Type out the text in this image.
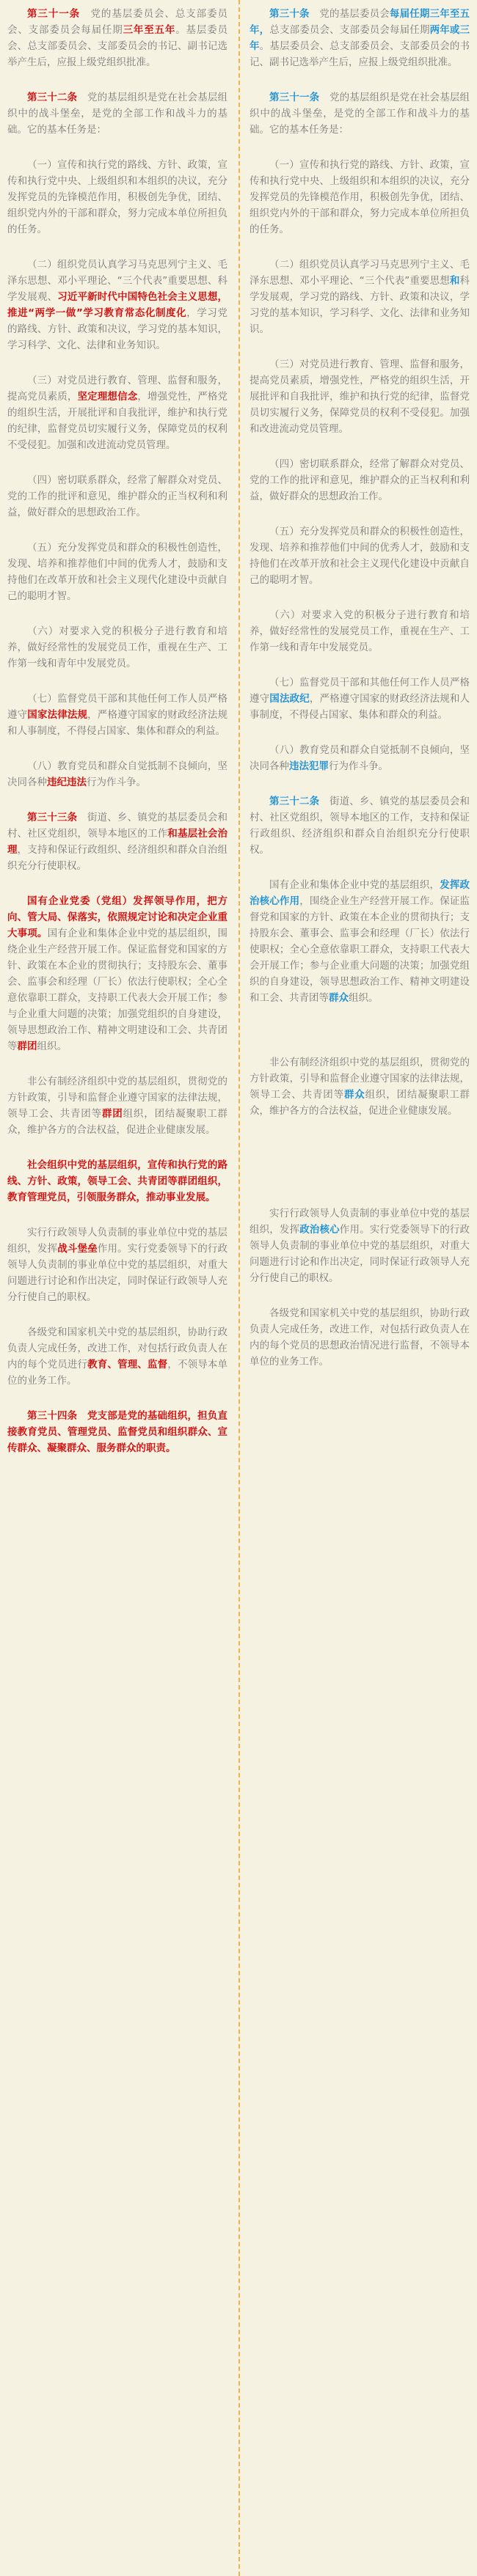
第三十一条　党的基层委员会、总支部委员会、支部委员会每届任期三年至五年。基层委员会、总支部委员会、支部委员会的书记、副书记选举产生后，应报上级党组织批准。

第三十二条　党的基层组织是党在社会基层组织中的战斗堡垒，是党的全部工作和战斗力的基础。它的基本任务是：

（一）宣传和执行党的路线、方针、政策，宣传和执行党中央、上级组织和本组织的决议，充分发挥党员的先锋模范作用，积极创先争优，团结、组织党内外的干部和群众，努力完成本单位所担负的任务。

（二）组织党员认真学习马克思列宁主义、毛泽东思想、邓小平理论、“三个代表”重要思想、科学发展观、习近平新时代中国特色社会主义思想，推进“两学一做”学习教育常态化制度化，学习党的路线、方针、政策和决议，学习党的基本知识，学习科学、文化、法律和业务知识。

（三）对党员进行教育、管理、监督和服务，提高党员素质，坚定理想信念，增强党性，严格党的组织生活，开展批评和自我批评，维护和执行党的纪律，监督党员切实履行义务，保障党员的权利不受侵犯。加强和改进流动党员管理。

（四）密切联系群众，经常了解群众对党员、党的工作的批评和意见，维护群众的正当权利和利益，做好群众的思想政治工作。

（五）充分发挥党员和群众的积极性创造性，发现、培养和推荐他们中间的优秀人才，鼓励和支持他们在改革开放和社会主义现代化建设中贡献自己的聪明才智。

（六）对要求入党的积极分子进行教育和培养，做好经常性的发展党员工作，重视在生产、工作第一线和青年中发展党员。

（七）监督党员干部和其他任何工作人员严格遵守国家法律法规，严格遵守国家的财政经济法规和人事制度，不得侵占国家、集体和群众的利益。

（八）教育党员和群众自觉抵制不良倾向，坚决同各种违纪违法行为作斗争。

第三十三条　街道、乡、镇党的基层委员会和村、社区党组织，领导本地区的工作和基层社会治理，支持和保证行政组织、经济组织和群众自治组织充分行使职权。

国有企业党委（党组）发挥领导作用，把方向、管大局、保落实，依照规定讨论和决定企业重大事项。国有企业和集体企业中党的基层组织，围绕企业生产经营开展工作。保证监督党和国家的方针、政策在本企业的贯彻执行；支持股东会、董事会、监事会和经理（厂长）依法行使职权；全心全意依靠职工群众，支持职工代表大会开展工作；参与企业重大问题的决策；加强党组织的自身建设，领导思想政治工作、精神文明建设和工会、共青团等群团组织。

非公有制经济组织中党的基层组织，贯彻党的方针政策，引导和监督企业遵守国家的法律法规，领导工会、共青团等群团组织，团结凝聚职工群众，维护各方的合法权益，促进企业健康发展。

社会组织中党的基层组织，宣传和执行党的路线、方针、政策，领导工会、共青团等群团组织，教育管理党员，引领服务群众，推动事业发展。

实行行政领导人负责制的事业单位中党的基层组织，发挥战斗堡垒作用。实行党委领导下的行政领导人负责制的事业单位中党的基层组织，对重大问题进行讨论和作出决定，同时保证行政领导人充分行使自己的职权。

各级党和国家机关中党的基层组织，协助行政负责人完成任务，改进工作，对包括行政负责人在内的每个党员进行教育、管理、监督，不领导本单位的业务工作。

第三十四条　党支部是党的基础组织，担负直接教育党员、管理党员、监督党员和组织群众、宣传群众、凝聚群众、服务群众的职责。

第三十条　党的基层委员会每届任期三年至五年，总支部委员会、支部委员会每届任期两年或三年。基层委员会、总支部委员会、支部委员会的书记、副书记选举产生后，应报上级党组织批准。

第三十一条　党的基层组织是党在社会基层组织中的战斗堡垒，是党的全部工作和战斗力的基础。它的基本任务是：

（一）宣传和执行党的路线、方针、政策，宣传和执行党中央、上级组织和本组织的决议，充分发挥党员的先锋模范作用，积极创先争优，团结、组织党内外的干部和群众，努力完成本单位所担负的任务。

（二）组织党员认真学习马克思列宁主义、毛泽东思想、邓小平理论、“三个代表”重要思想和科学发展观，学习党的路线、方针、政策和决议，学习党的基本知识，学习科学、文化、法律和业务知识。

（三）对党员进行教育、管理、监督和服务，提高党员素质，增强党性，严格党的组织生活，开展批评和自我批评，维护和执行党的纪律，监督党员切实履行义务，保障党员的权利不受侵犯。加强和改进流动党员管理。

（四）密切联系群众，经常了解群众对党员、党的工作的批评和意见，维护群众的正当权利和利益，做好群众的思想政治工作。

（五）充分发挥党员和群众的积极性创造性，发现、培养和推荐他们中间的优秀人才，鼓励和支持他们在改革开放和社会主义现代化建设中贡献自己的聪明才智。

（六）对要求入党的积极分子进行教育和培养，做好经常性的发展党员工作，重视在生产、工作第一线和青年中发展党员。

（七）监督党员干部和其他任何工作人员严格遵守国法政纪，严格遵守国家的财政经济法规和人事制度，不得侵占国家、集体和群众的利益。

（八）教育党员和群众自觉抵制不良倾向，坚决同各种违法犯罪行为作斗争。

第三十二条　街道、乡、镇党的基层委员会和村、社区党组织，领导本地区的工作，支持和保证行政组织、经济组织和群众自治组织充分行使职权。

国有企业和集体企业中党的基层组织，发挥政治核心作用，围绕企业生产经营开展工作。保证监督党和国家的方针、政策在本企业的贯彻执行；支持股东会、董事会、监事会和经理（厂长）依法行使职权；全心全意依靠职工群众，支持职工代表大会开展工作；参与企业重大问题的决策；加强党组织的自身建设，领导思想政治工作、精神文明建设和工会、共青团等群众组织。

非公有制经济组织中党的基层组织，贯彻党的方针政策，引导和监督企业遵守国家的法律法规，领导工会、共青团等群众组织，团结凝聚职工群众，维护各方的合法权益，促进企业健康发展。

实行行政领导人负责制的事业单位中党的基层组织，发挥政治核心作用。实行党委领导下的行政领导人负责制的事业单位中党的基层组织，对重大问题进行讨论和作出决定，同时保证行政领导人充分行使自己的职权。

各级党和国家机关中党的基层组织，协助行政负责人完成任务，改进工作，对包括行政负责人在内的每个党员的思想政治情况进行监督，不领导本单位的业务工作。
